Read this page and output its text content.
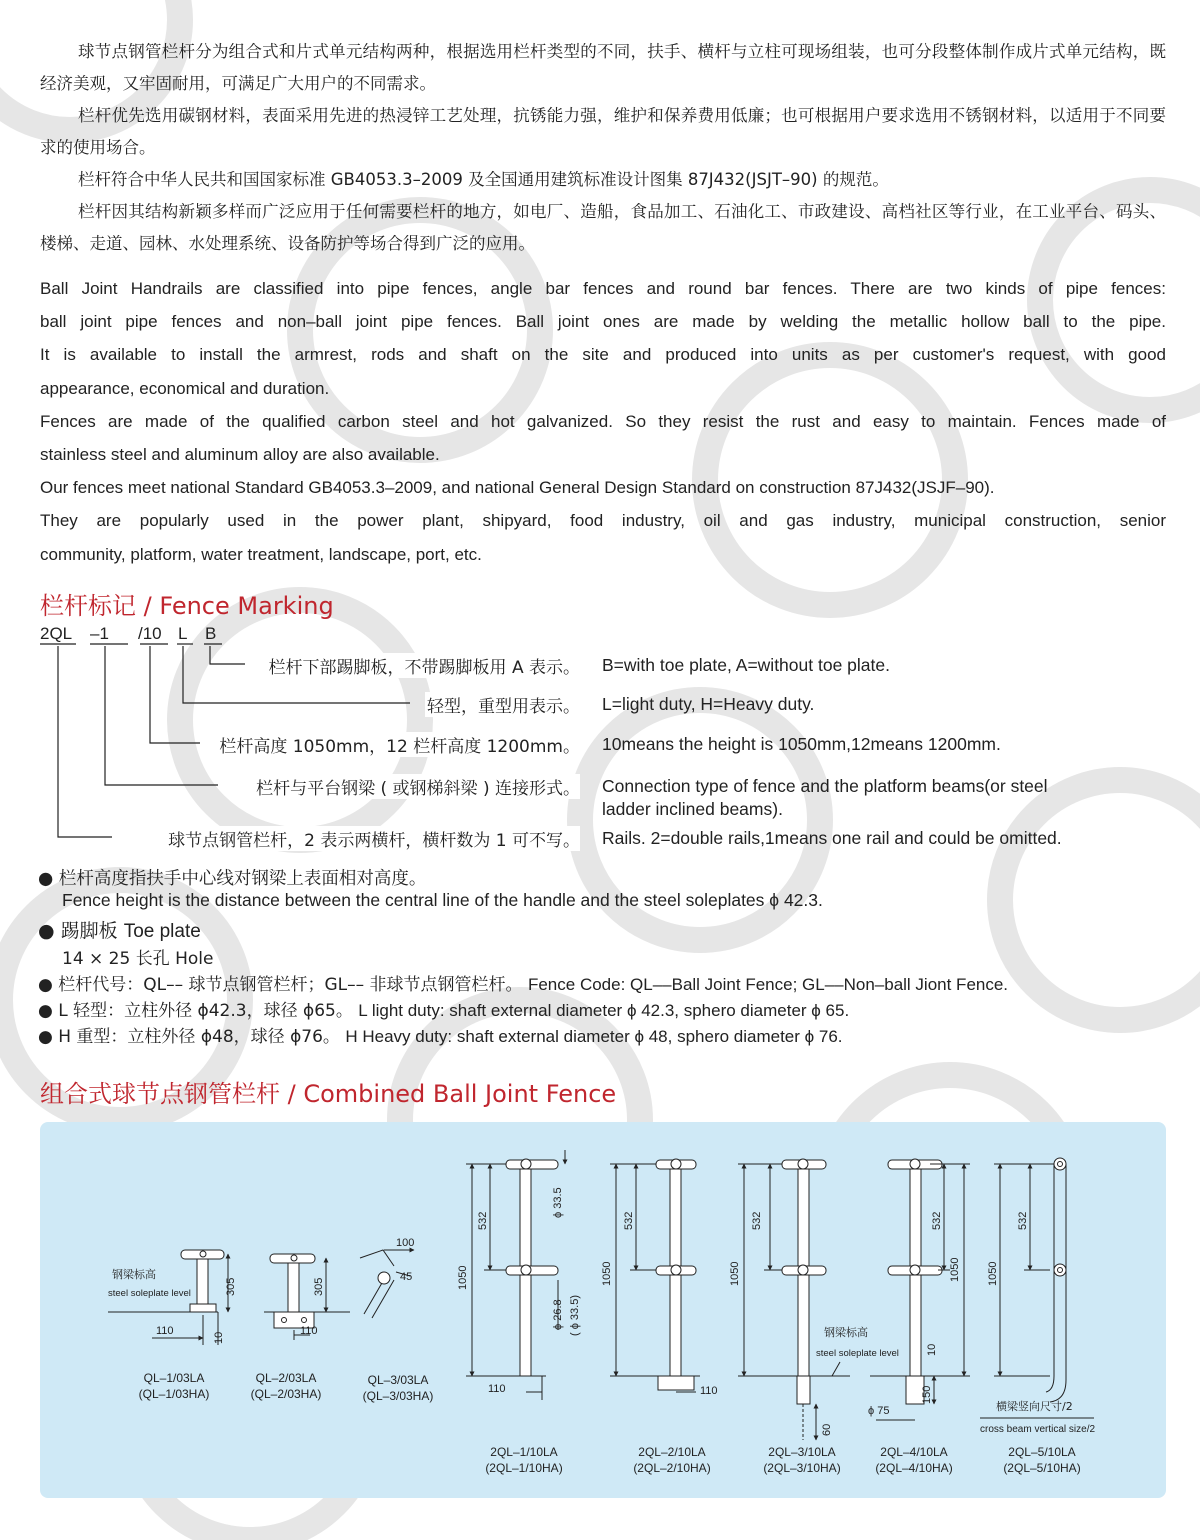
球节点钢管栏杆分为组合式和片式单元结构两种，根据选用栏杆类型的不同，扶手、横杆与立柱可现场组装，也可分段整体制作成片式单元结构，既经济美观，又牢固耐用，可满足广大用户的不同需求。

栏杆优先选用碳钢材料，表面采用先进的热浸锌工艺处理，抗锈能力强，维护和保养费用低廉；也可根据用户要求选用不锈钢材料，以适用于不同要求的使用场合。

栏杆符合中华人民共和国国家标准 GB4053.3–2009 及全国通用建筑标准设计图集 87J432(JSJT–90) 的规范。

栏杆因其结构新颖多样而广泛应用于任何需要栏杆的地方，如电厂、造船，食品加工、石油化工、市政建设、高档社区等行业，在工业平台、码头、楼梯、走道、园林、水处理系统、设备防护等场合得到广泛的应用。

Ball Joint Handrails are classified into pipe fences, angle bar fences and round bar fences. There are two kinds of pipe fences:

ball joint pipe fences and non–ball joint pipe fences. Ball joint ones are made by welding the metallic hollow ball to the pipe.

It is available to install the armrest, rods and shaft on the site and produced into units as per customer's request, with good

appearance, economical and duration.

Fences are made of the qualified carbon steel and hot galvanized. So they resist the rust and easy to maintain. Fences made of

stainless steel and aluminum alloy are also available.

Our fences meet national Standard GB4053.3–2009, and national General Design Standard on construction 87J432(JSJF–90).

They are popularly used in the power plant, shipyard, food industry, oil and gas industry, municipal construction, senior

community, platform, water treatment, landscape, port, etc.

栏杆标记 / Fence Marking
2QL –1 /10 L B
栏杆下部踢脚板，不带踢脚板用 A 表示。 B=with toe plate, A=without toe plate.
轻型，重型用表示。 L=light duty, H=Heavy duty.
栏杆高度 1050mm，12 栏杆高度 1200mm。 10means the height is 1050mm,12means 1200mm.
栏杆与平台钢梁 ( 或钢梯斜梁 ) 连接形式。 Connection type of fence and the platform beams(or steel
ladder inclined beams).
球节点钢管栏杆，2 表示两横杆，横杆数为 1 可不写。 Rails. 2=double rails,1means one rail and could be omitted.
● 栏杆高度指扶手中心线对钢梁上表面相对高度。
Fence height is the distance between the central line of the handle and the steel soleplates ϕ 42.3.
● 踢脚板 Toe plate
14 × 25 长孔 Hole
● 栏杆代号：QL–– 球节点钢管栏杆；GL–– 非球节点钢管栏杆。 Fence Code: QL––Ball Joint Fence; GL––Non–ball Jiont Fence.
● L 轻型：立柱外径 ϕ42.3，球径 ϕ65。 L light duty: shaft external diameter ϕ 42.3, sphero diameter ϕ 65.
● H 重型：立柱外径 ϕ48，球径 ϕ76。 H Heavy duty: shaft external diameter ϕ 48, sphero diameter ϕ 76.
组合式球节点钢管栏杆 / Combined Ball Joint Fence
钢梁标高
steel soleplate level
钢梁标高
steel soleplate level
横梁竖向尺寸/2
cross beam vertical size/2
110	110
110	110
100
45
ϕ 75
305	305
10
10
1050	1050	1050	1050 1050
532	532	532	532	532
ϕ 33.5
ϕ 26.8 ( ϕ 33.5)
150
60
QL–1/03LA
(QL–1/03HA)
QL–2/03LA
(QL–2/03HA)
QL–3/03LA
(QL–3/03HA)
2QL–1/10LA
(2QL–1/10HA)
2QL–2/10LA
(2QL–2/10HA)
2QL–3/10LA
(2QL–3/10HA)
2QL–4/10LA
(2QL–4/10HA)
2QL–5/10LA
(2QL–5/10HA)
